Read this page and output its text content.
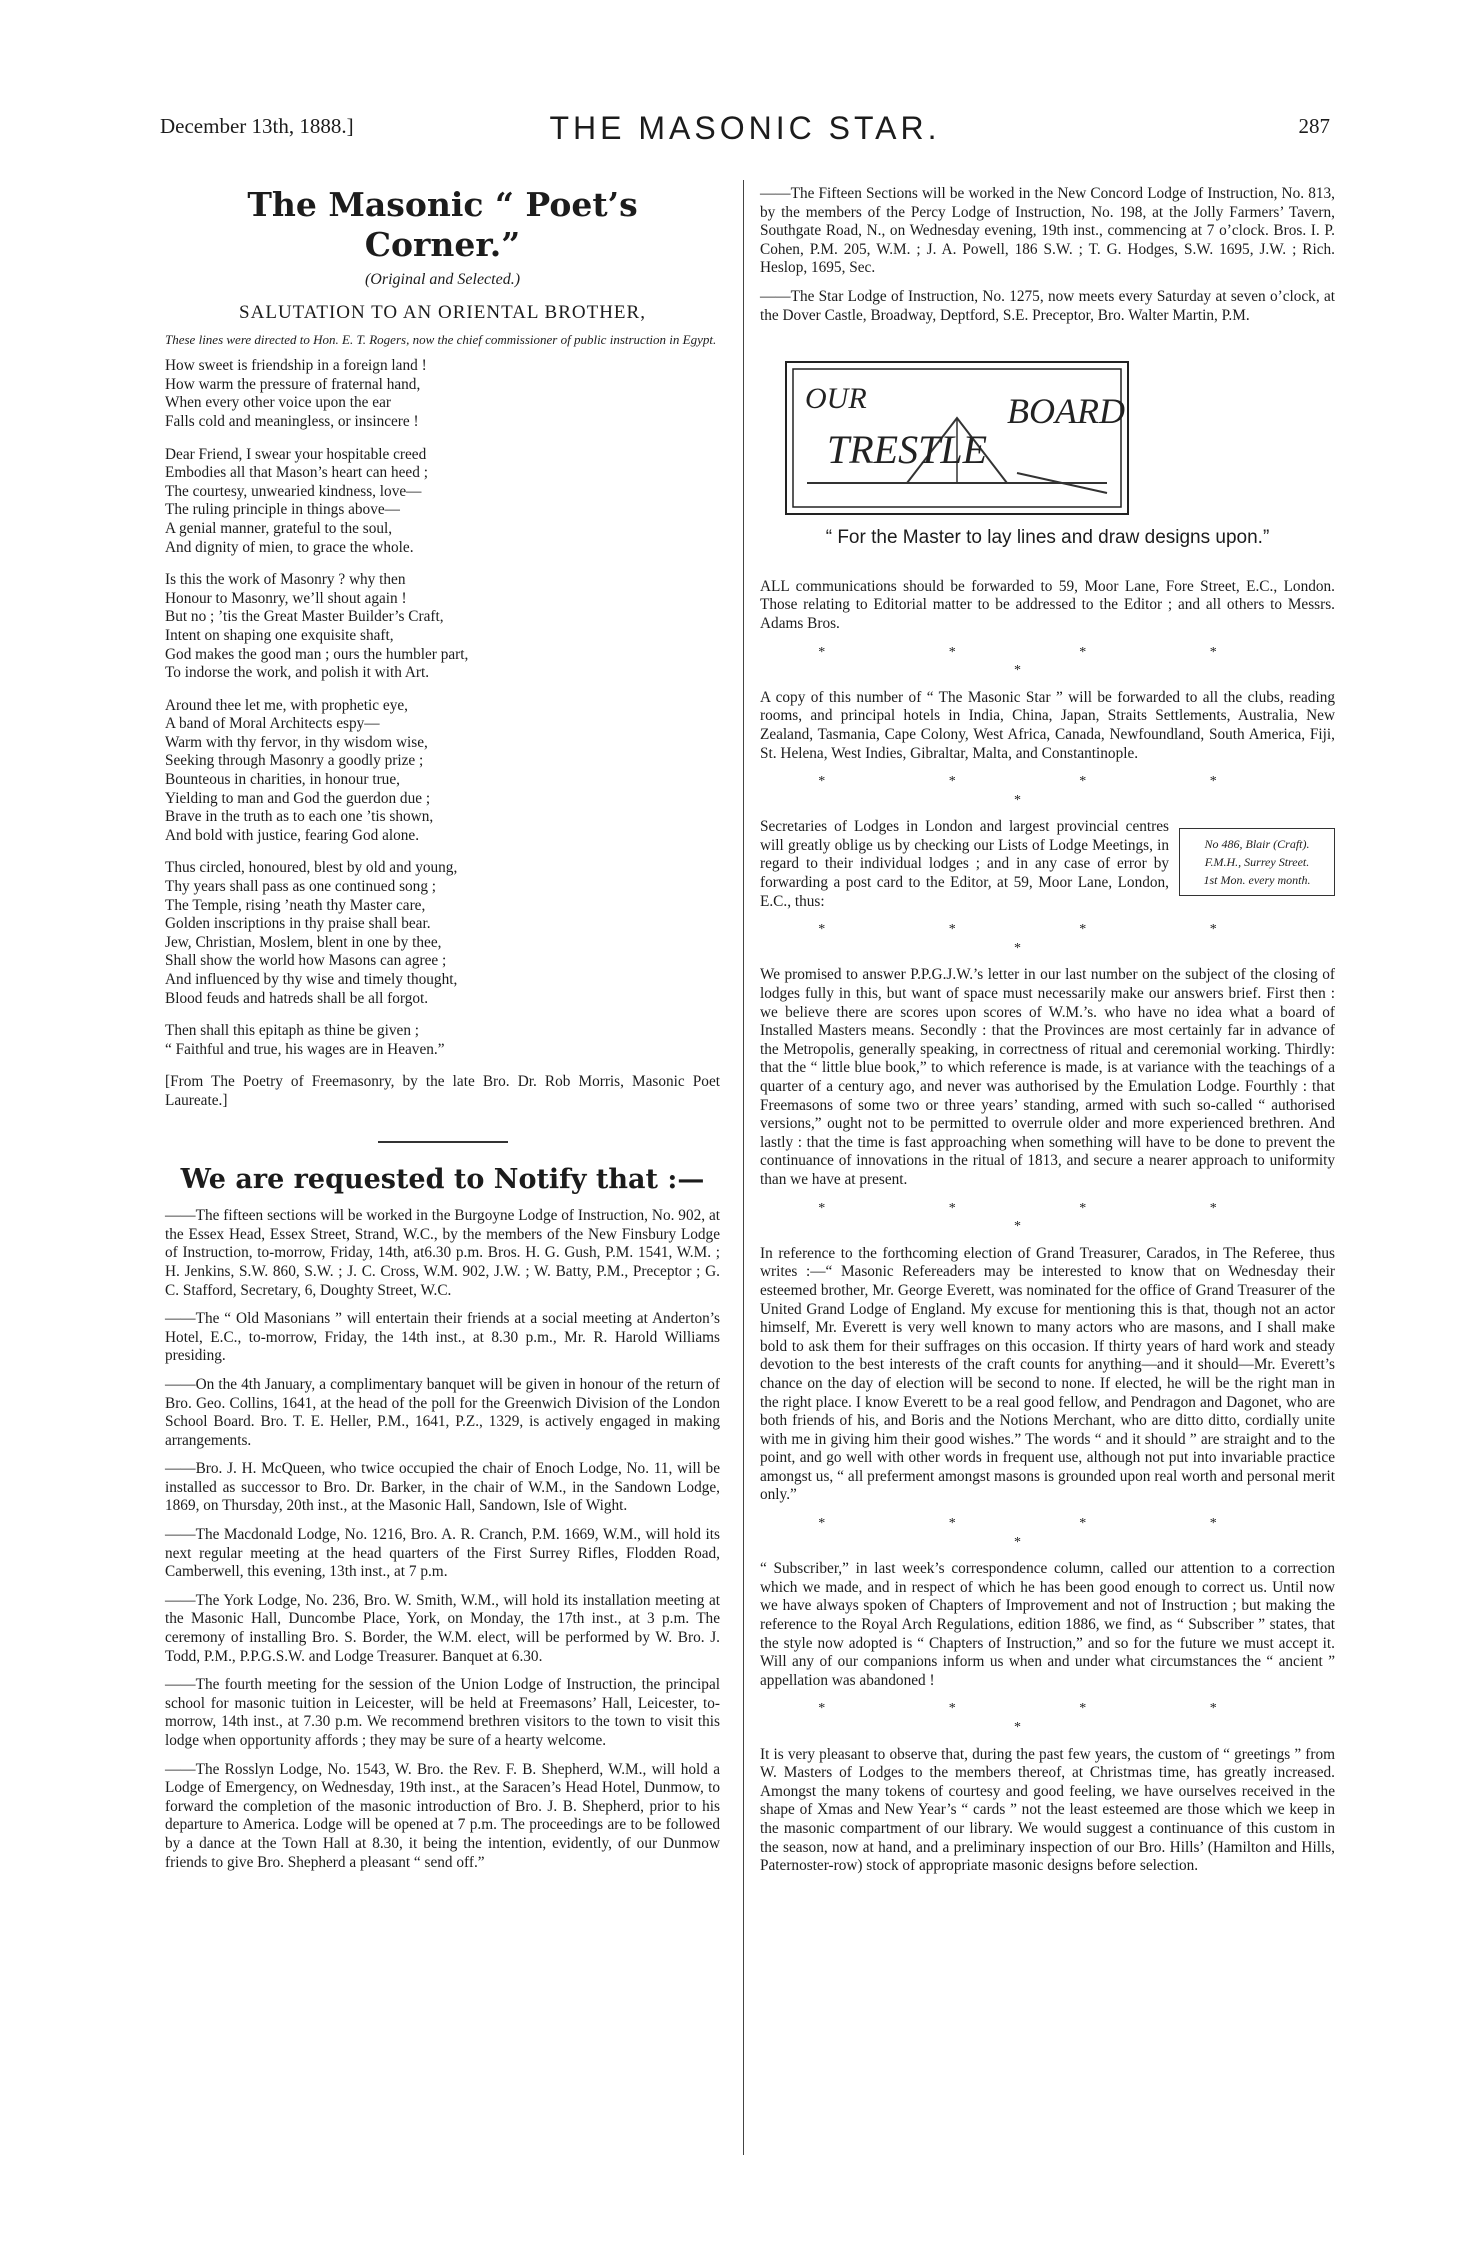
December 13th, 1888.]	THE MASONIC STAR.	287
The Masonic “ Poet’s Corner.”
(Original and Selected.)
SALUTATION TO AN ORIENTAL BROTHER,

These lines were directed to Hon. E. T. Rogers, now the chief commissioner of public instruction in Egypt.

How sweet is friendship in a foreign land !
How warm the pressure of fraternal hand,
When every other voice upon the ear
Falls cold and meaningless, or insincere !
Dear Friend, I swear your hospitable creed
Embodies all that Mason’s heart can heed ;
The courtesy, unwearied kindness, love—
The ruling principle in things above—
A genial manner, grateful to the soul,
And dignity of mien, to grace the whole.
Is this the work of Masonry ? why then
Honour to Masonry, we’ll shout again !
But no ; ’tis the Great Master Builder’s Craft,
Intent on shaping one exquisite shaft,
God makes the good man ; ours the humbler part,
To indorse the work, and polish it with Art.
Around thee let me, with prophetic eye,
A band of Moral Architects espy—
Warm with thy fervor, in thy wisdom wise,
Seeking through Masonry a goodly prize ;
Bounteous in charities, in honour true,
Yielding to man and God the guerdon due ;
Brave in the truth as to each one ’tis shown,
And bold with justice, fearing God alone.
Thus circled, honoured, blest by old and young,
Thy years shall pass as one continued song ;
The Temple, rising ’neath thy Master care,
Golden inscriptions in thy praise shall bear.
Jew, Christian, Moslem, blent in one by thee,
Shall show the world how Masons can agree ;
And influenced by thy wise and timely thought,
Blood feuds and hatreds shall be all forgot.
Then shall this epitaph as thine be given ;
“ Faithful and true, his wages are in Heaven.”

[From The Poetry of Freemasonry, by the late Bro. Dr. Rob Morris, Masonic Poet Laureate.]

We are requested to Notify that :—

——The fifteen sections will be worked in the Burgoyne Lodge of Instruction, No. 902, at the Essex Head, Essex Street, Strand, W.C., by the members of the New Finsbury Lodge of Instruction, to-morrow, Friday, 14th, at6.30 p.m. Bros. H. G. Gush, P.M. 1541, W.M. ; H. Jenkins, S.W. 860, S.W. ; J. C. Cross, W.M. 902, J.W. ; W. Batty, P.M., Preceptor ; G. C. Stafford, Secretary, 6, Doughty Street, W.C.

——The “ Old Masonians ” will entertain their friends at a social meeting at Anderton’s Hotel, E.C., to-morrow, Friday, the 14th inst., at 8.30 p.m., Mr. R. Harold Williams presiding.

——On the 4th January, a complimentary banquet will be given in honour of the return of Bro. Geo. Collins, 1641, at the head of the poll for the Greenwich Division of the London School Board. Bro. T. E. Heller, P.M., 1641, P.Z., 1329, is actively engaged in making arrangements.

——Bro. J. H. McQueen, who twice occupied the chair of Enoch Lodge, No. 11, will be installed as successor to Bro. Dr. Barker, in the chair of W.M., in the Sandown Lodge, 1869, on Thursday, 20th inst., at the Masonic Hall, Sandown, Isle of Wight.

——The Macdonald Lodge, No. 1216, Bro. A. R. Cranch, P.M. 1669, W.M., will hold its next regular meeting at the head quarters of the First Surrey Rifles, Flodden Road, Camberwell, this evening, 13th inst., at 7 p.m.

——The York Lodge, No. 236, Bro. W. Smith, W.M., will hold its installation meeting at the Masonic Hall, Duncombe Place, York, on Monday, the 17th inst., at 3 p.m. The ceremony of installing Bro. S. Border, the W.M. elect, will be performed by W. Bro. J. Todd, P.M., P.P.G.S.W. and Lodge Treasurer. Banquet at 6.30.

——The fourth meeting for the session of the Union Lodge of Instruction, the principal school for masonic tuition in Leicester, will be held at Freemasons’ Hall, Leicester, to-morrow, 14th inst., at 7.30 p.m. We recommend brethren visitors to the town to visit this lodge when opportunity affords ; they may be sure of a hearty welcome.

——The Rosslyn Lodge, No. 1543, W. Bro. the Rev. F. B. Shepherd, W.M., will hold a Lodge of Emergency, on Wednesday, 19th inst., at the Saracen’s Head Hotel, Dunmow, to forward the completion of the masonic introduction of Bro. J. B. Shepherd, prior to his departure to America. Lodge will be opened at 7 p.m. The proceedings are to be followed by a dance at the Town Hall at 8.30, it being the intention, evidently, of our Dunmow friends to give Bro. Shepherd a pleasant “ send off.”

——The Fifteen Sections will be worked in the New Concord Lodge of Instruction, No. 813, by the members of the Percy Lodge of Instruction, No. 198, at the Jolly Farmers’ Tavern, Southgate Road, N., on Wednesday evening, 19th inst., commencing at 7 o’clock. Bros. I. P. Cohen, P.M. 205, W.M. ; J. A. Powell, 186 S.W. ; T. G. Hodges, S.W. 1695, J.W. ; Rich. Heslop, 1695, Sec.

——The Star Lodge of Instruction, No. 1275, now meets every Saturday at seven o’clock, at the Dover Castle, Broadway, Deptford, S.E. Preceptor, Bro. Walter Martin, P.M.

OUR
TRESTLE
BOARD
“ For the Master to lay lines and draw designs upon.”

ALL communications should be forwarded to 59, Moor Lane, Fore Street, E.C., London. Those relating to Editorial matter to be addressed to the Editor ; and all others to Messrs. Adams Bros.

* * * * *

A copy of this number of “ The Masonic Star ” will be forwarded to all the clubs, reading rooms, and principal hotels in India, China, Japan, Straits Settlements, Australia, New Zealand, Tasmania, Cape Colony, West Africa, Canada, Newfoundland, South America, Fiji, St. Helena, West Indies, Gibraltar, Malta, and Constantinople.

* * * * *
No 486, Blair (Craft).
F.M.H., Surrey Street.
1st Mon. every month.

Secretaries of Lodges in London and largest provincial centres will greatly oblige us by checking our Lists of Lodge Meetings, in regard to their individual lodges ; and in any case of error by forwarding a post card to the Editor, at 59, Moor Lane, London, E.C., thus:

* * * * *

We promised to answer P.P.G.J.W.’s letter in our last number on the subject of the closing of lodges fully in this, but want of space must necessarily make our answers brief. First then : we believe there are scores upon scores of W.M.’s. who have no idea what a board of Installed Masters means. Secondly : that the Provinces are most certainly far in advance of the Metropolis, generally speaking, in correctness of ritual and ceremonial working. Thirdly: that the “ little blue book,” to which reference is made, is at variance with the teachings of a quarter of a century ago, and never was authorised by the Emulation Lodge. Fourthly : that Freemasons of some two or three years’ standing, armed with such so-called “ authorised versions,” ought not to be permitted to overrule older and more experienced brethren. And lastly : that the time is fast approaching when something will have to be done to prevent the continuance of innovations in the ritual of 1813, and secure a nearer approach to uniformity than we have at present.

* * * * *

In reference to the forthcoming election of Grand Treasurer, Carados, in The Referee, thus writes :—“ Masonic Refereaders may be interested to know that on Wednesday their esteemed brother, Mr. George Everett, was nominated for the office of Grand Treasurer of the United Grand Lodge of England. My excuse for mentioning this is that, though not an actor himself, Mr. Everett is very well known to many actors who are masons, and I shall make bold to ask them for their suffrages on this occasion. If thirty years of hard work and steady devotion to the best interests of the craft counts for anything—and it should—Mr. Everett’s chance on the day of election will be second to none. If elected, he will be the right man in the right place. I know Everett to be a real good fellow, and Pendragon and Dagonet, who are both friends of his, and Boris and the Notions Merchant, who are ditto ditto, cordially unite with me in giving him their good wishes.” The words “ and it should ” are straight and to the point, and go well with other words in frequent use, although not put into invariable practice amongst us, “ all preferment amongst masons is grounded upon real worth and personal merit only.”

* * * * *

“ Subscriber,” in last week’s correspondence column, called our attention to a correction which we made, and in respect of which he has been good enough to correct us. Until now we have always spoken of Chapters of Improvement and not of Instruction ; but making the reference to the Royal Arch Regulations, edition 1886, we find, as “ Subscriber ” states, that the style now adopted is “ Chapters of Instruction,” and so for the future we must accept it. Will any of our companions inform us when and under what circumstances the “ ancient ” appellation was abandoned !

* * * * *

It is very pleasant to observe that, during the past few years, the custom of “ greetings ” from W. Masters of Lodges to the members thereof, at Christmas time, has greatly increased. Amongst the many tokens of courtesy and good feeling, we have ourselves received in the shape of Xmas and New Year’s “ cards ” not the least esteemed are those which we keep in the masonic compartment of our library. We would suggest a continuance of this custom in the season, now at hand, and a preliminary inspection of our Bro. Hills’ (Hamilton and Hills, Paternoster-row) stock of appropriate masonic designs before selection.
